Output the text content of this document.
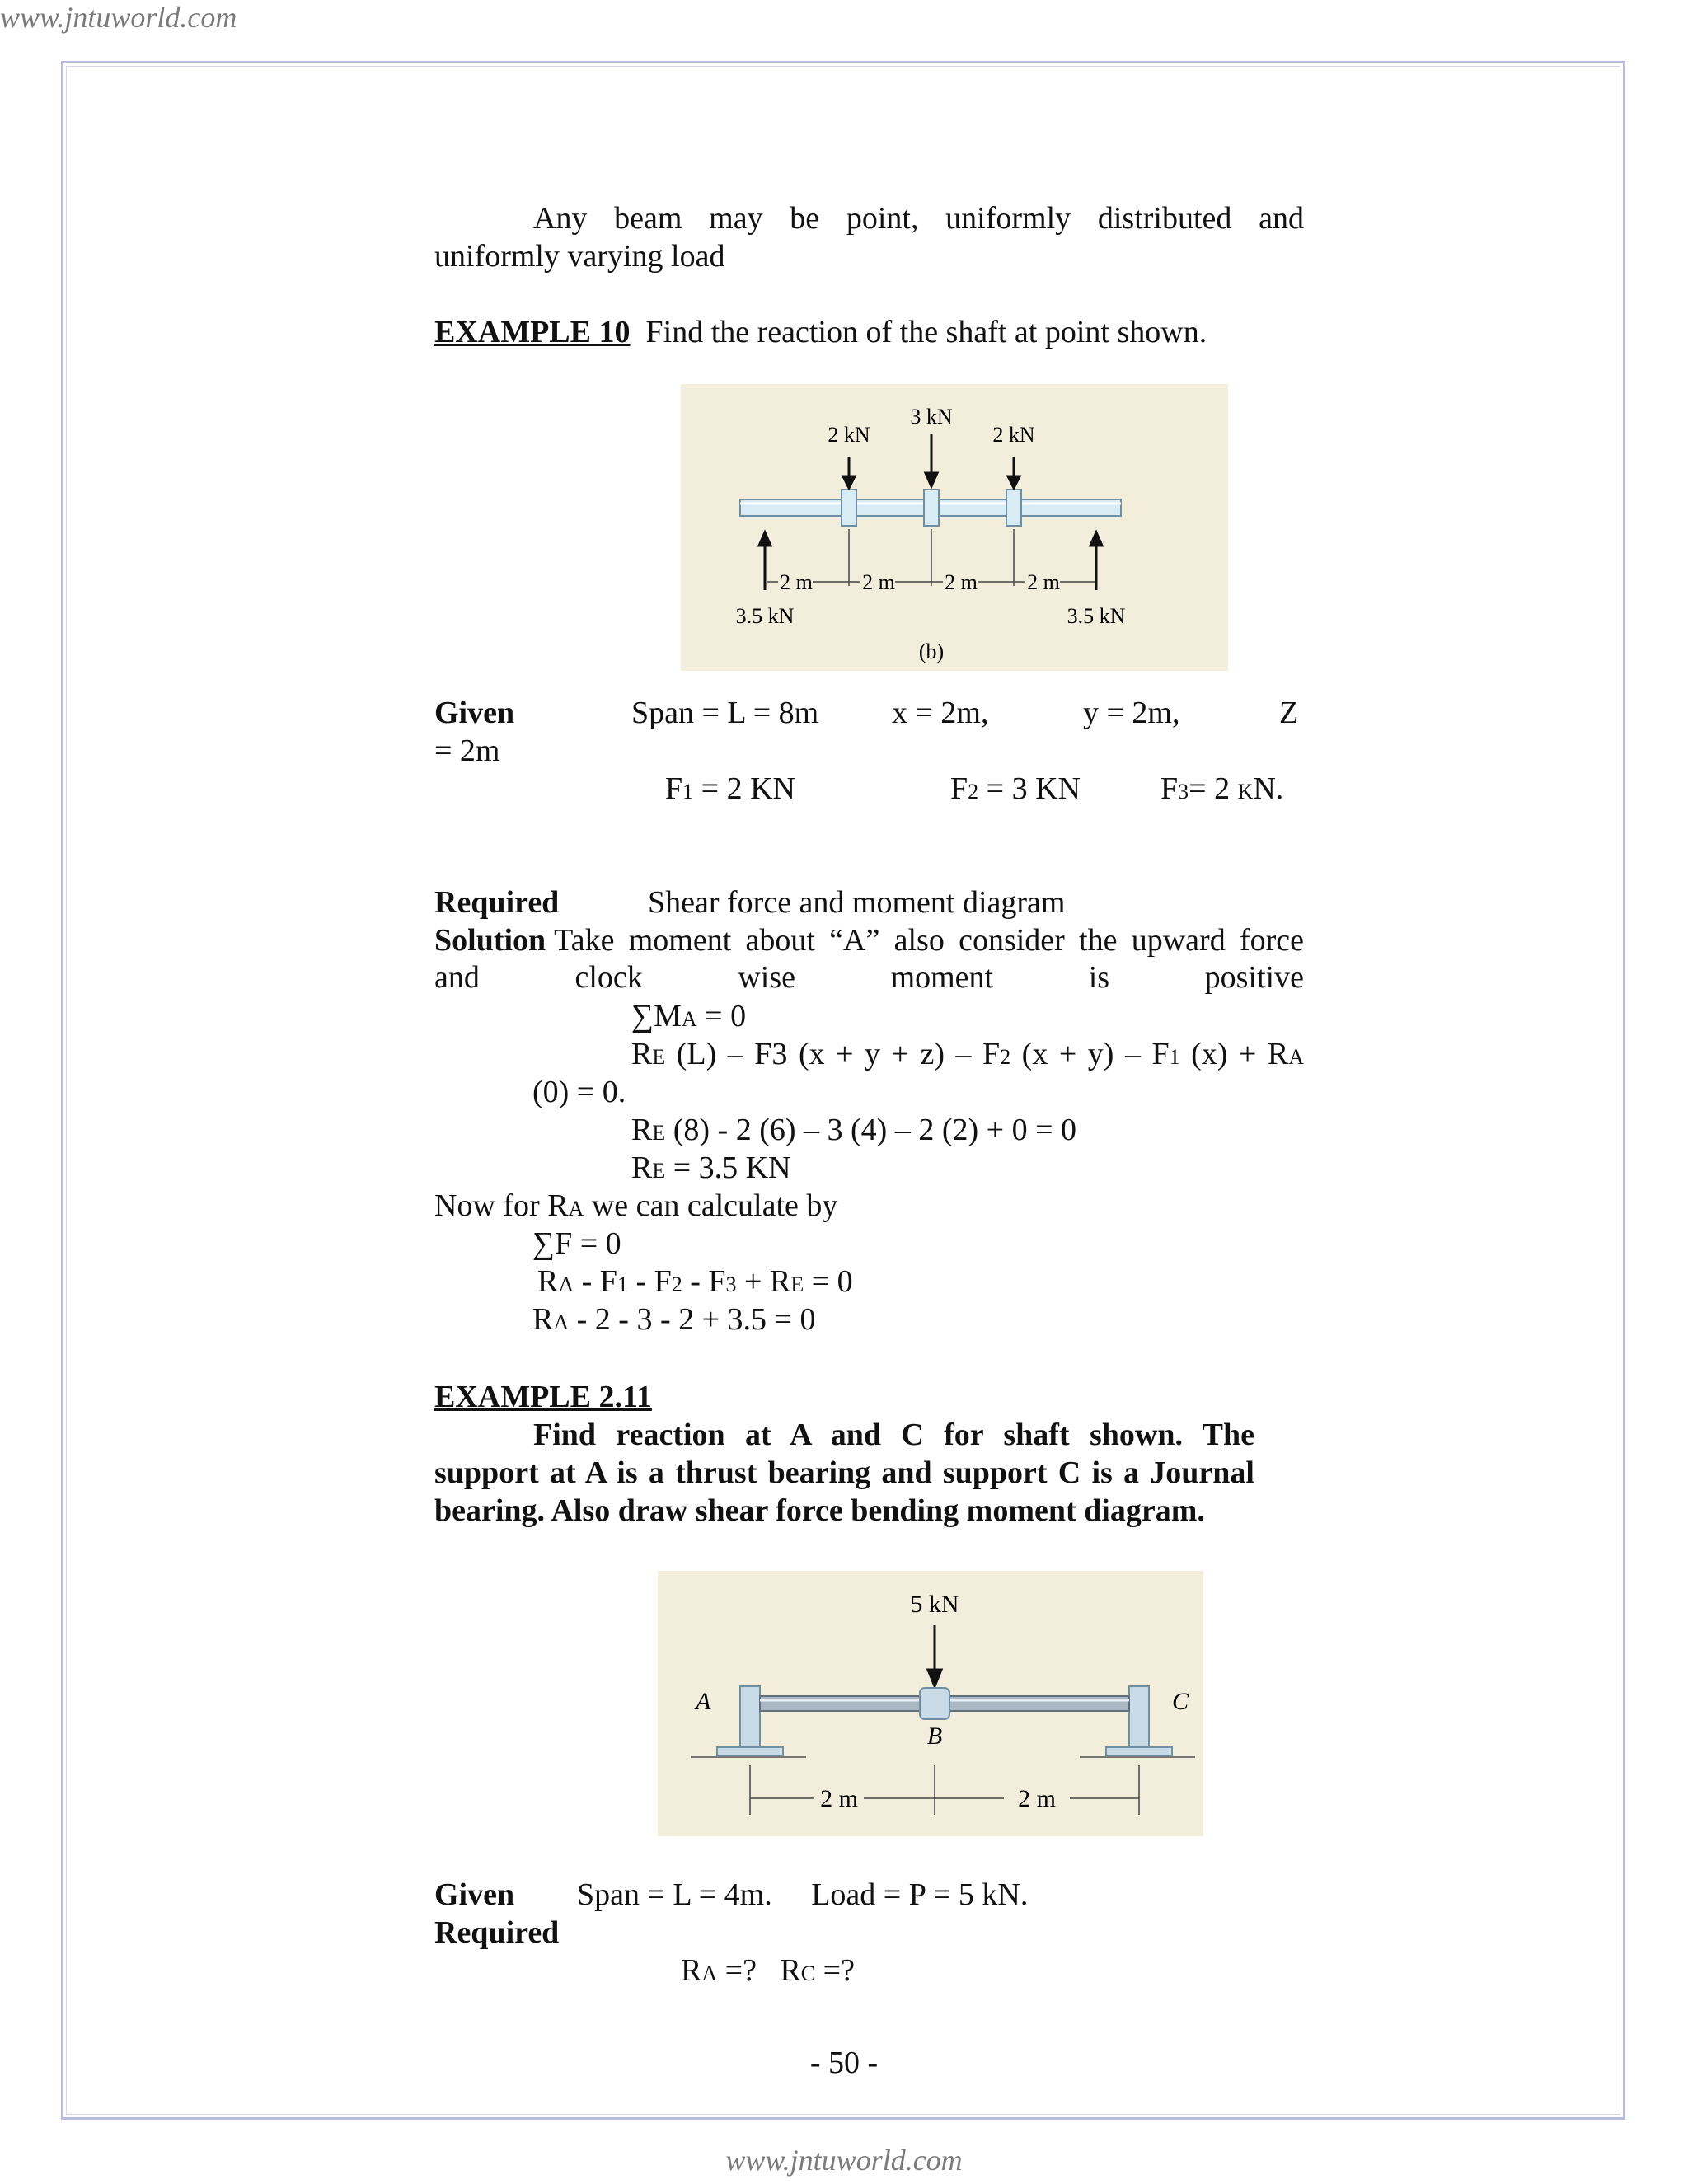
www.jntuworld.com
Any beam may be point, uniformly distributed and
uniformly varying load
EXAMPLE 10 Find the reaction of the shaft at point shown.
2 kN
3 kN
2 kN
3.5 kN	3.5 kN
2 m 2 m 2 m 2 m
(b)
Given	Span = L = 8m x = 2m,	y = 2m,	Z
= 2m
F1 = 2 KN	F2 = 3 KN	F3= 2 KN.
Required	Shear force and moment diagram
Solution Take moment about “A” also consider the upward force
and	clock	wise	moment	is	positive
∑MA = 0
RE (L) – F3 (x + y + z) – F2 (x + y) – F1 (x) + RA
(0) = 0.
RE (8) - 2 (6) – 3 (4) – 2 (2) + 0 = 0
RE = 3.5 KN
Now for RA we can calculate by
∑F = 0
RA - F1 - F2 - F3 + RE = 0
RA - 2 - 3 - 2 + 3.5 = 0
EXAMPLE 2.11
Find reaction at A and C for shaft shown. The support at A is a thrust bearing and support C is a Journal bearing. Also draw shear force bending moment diagram.
5 kN
A
B
C
2 m	2 m
Given Span = L = 4m.     Load = P = 5 kN.
Required

RA =?   RC =?

- 50 -
www.jntuworld.com
